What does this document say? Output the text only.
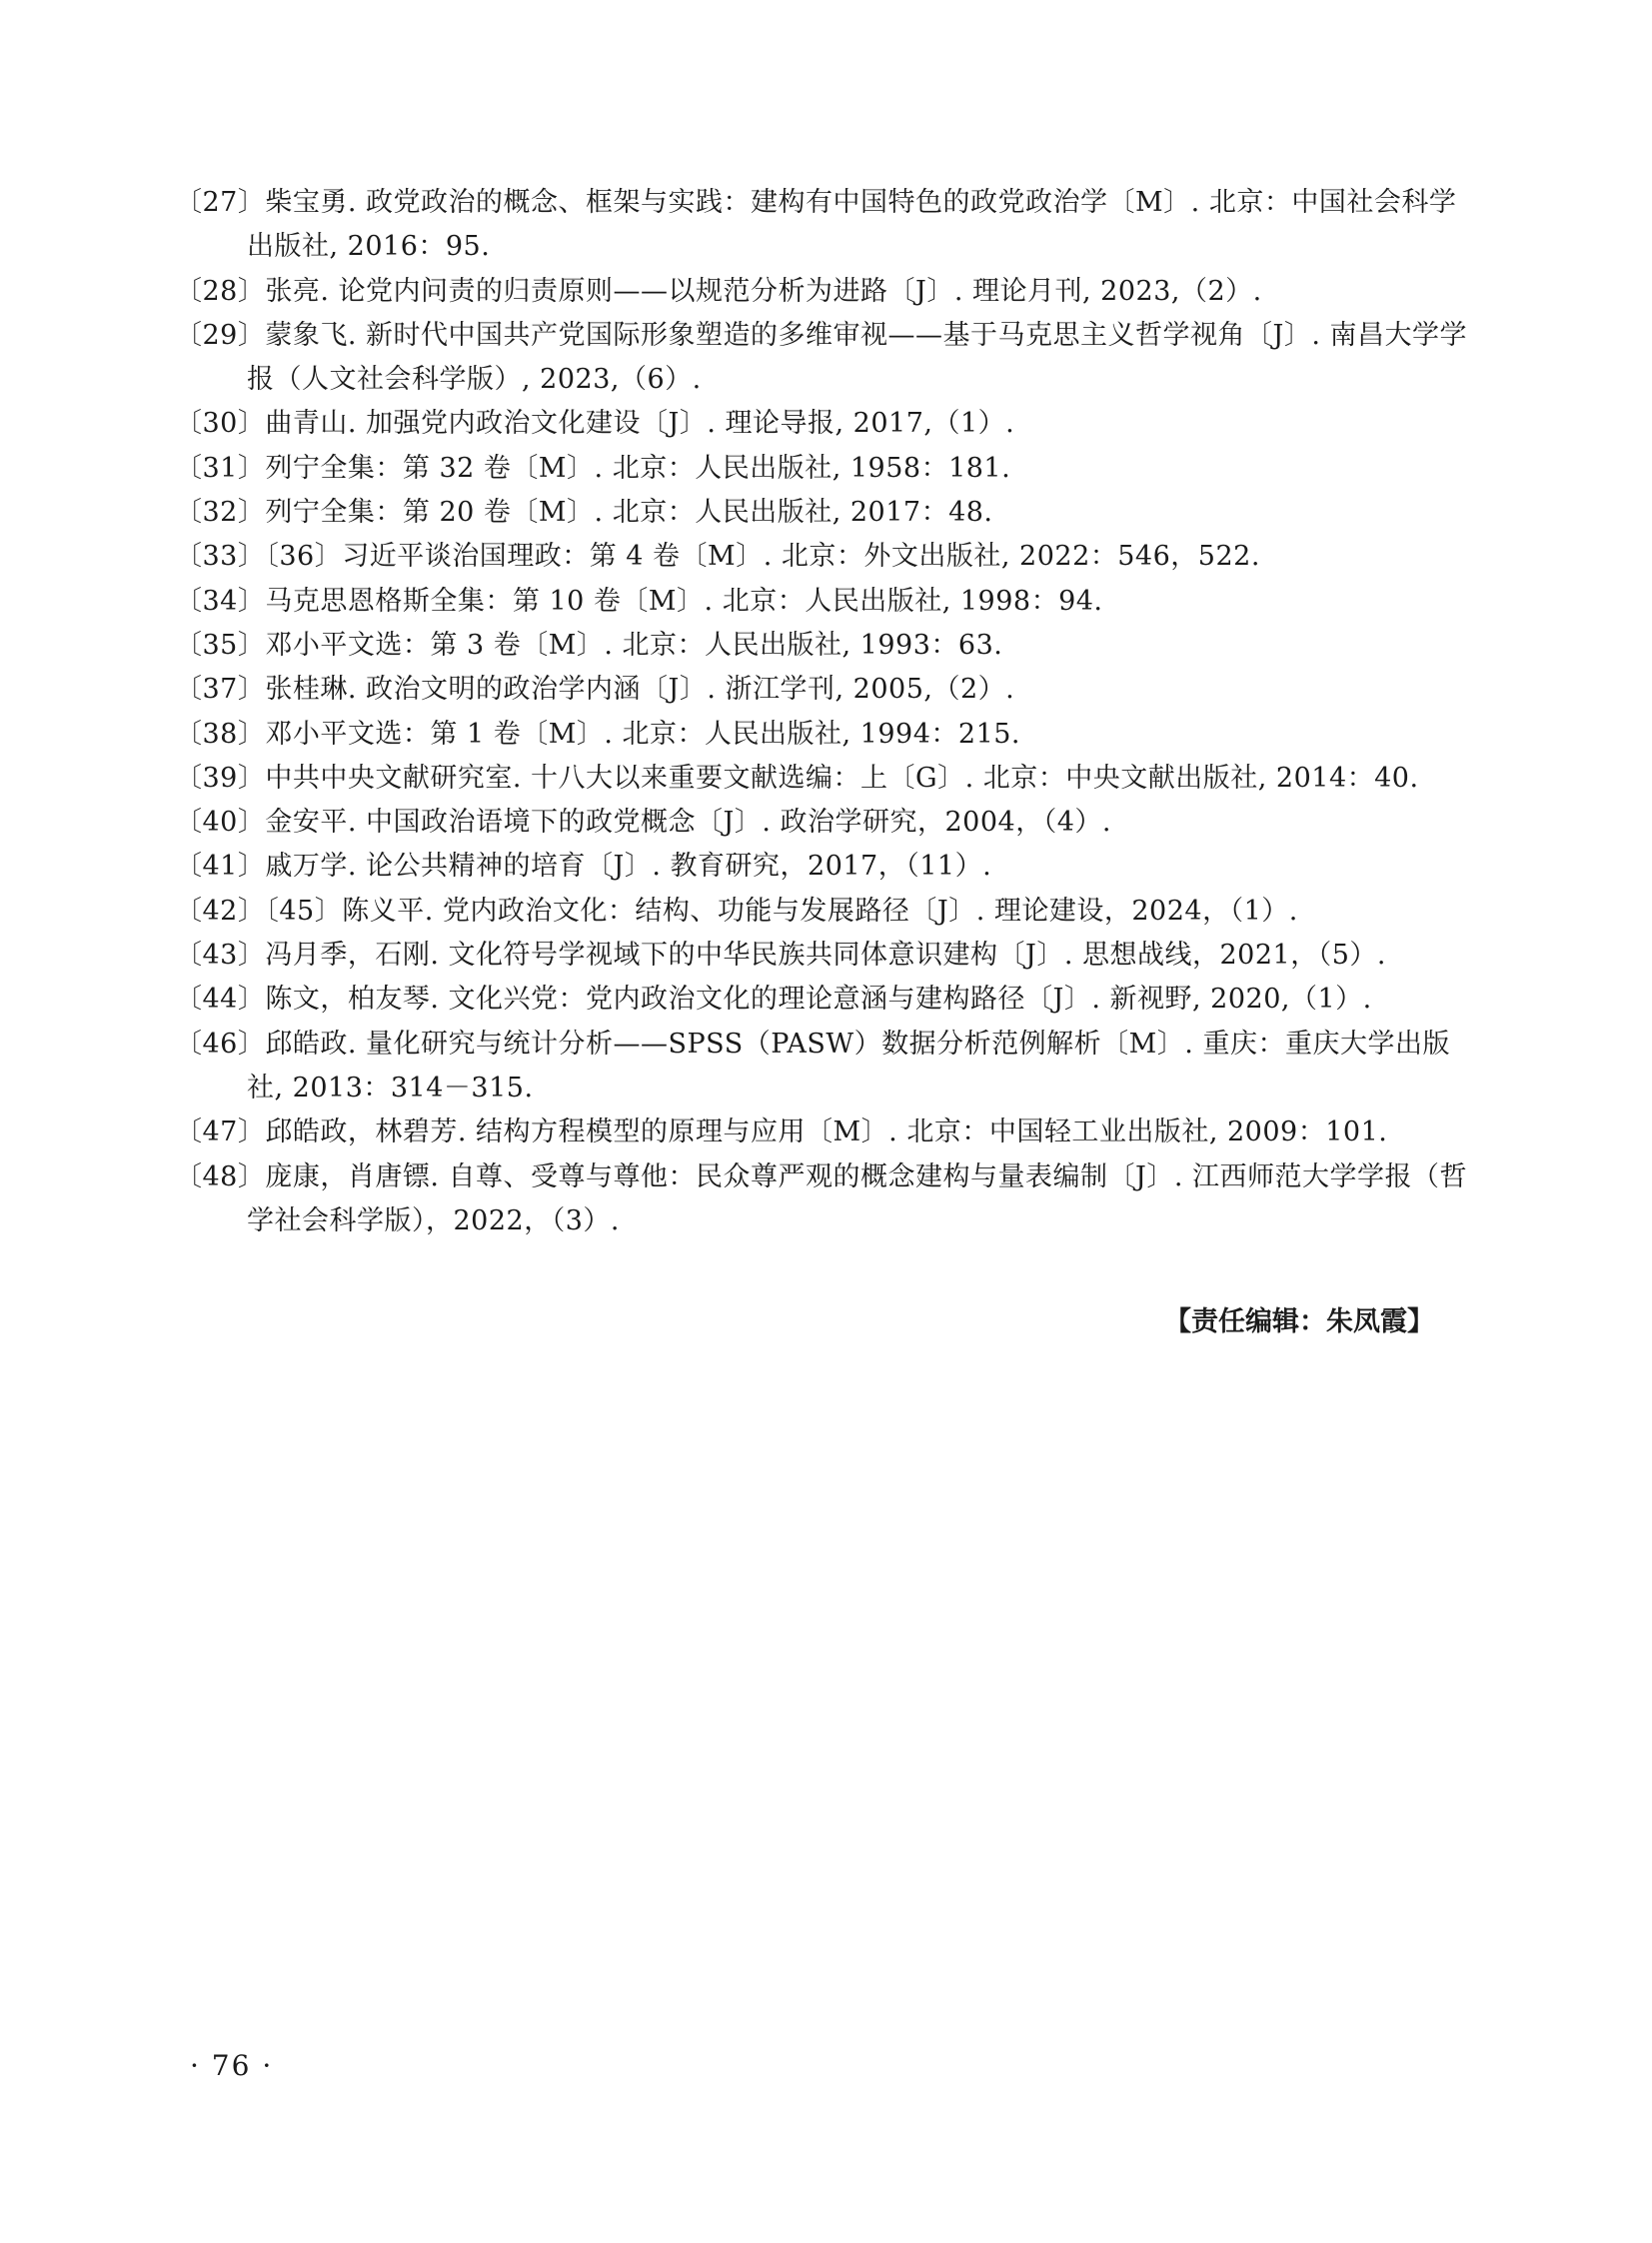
〔27〕柴宝勇. 政党政治的概念、框架与实践：建构有中国特色的政党政治学〔M〕. 北京：中国社会科学出版社, 2016：95.
〔28〕张亮. 论党内问责的归责原则——以规范分析为进路〔J〕. 理论月刊, 2023,（2）.
〔29〕蒙象飞. 新时代中国共产党国际形象塑造的多维审视——基于马克思主义哲学视角〔J〕. 南昌大学学报（人文社会科学版）, 2023,（6）.
〔30〕曲青山. 加强党内政治文化建设〔J〕. 理论导报, 2017,（1）.
〔31〕列宁全集：第 32 卷〔M〕. 北京：人民出版社, 1958：181.
〔32〕列宁全集：第 20 卷〔M〕. 北京：人民出版社, 2017：48.
〔33〕〔36〕习近平谈治国理政：第 4 卷〔M〕. 北京：外文出版社, 2022：546，522.
〔34〕马克思恩格斯全集：第 10 卷〔M〕. 北京：人民出版社, 1998：94.
〔35〕邓小平文选：第 3 卷〔M〕. 北京：人民出版社, 1993：63.
〔37〕张桂琳. 政治文明的政治学内涵〔J〕. 浙江学刊, 2005,（2）.
〔38〕邓小平文选：第 1 卷〔M〕. 北京：人民出版社, 1994：215.
〔39〕中共中央文献研究室. 十八大以来重要文献选编：上〔G〕. 北京：中央文献出版社, 2014：40.
〔40〕金安平. 中国政治语境下的政党概念〔J〕. 政治学研究，2004，（4）.
〔41〕戚万学. 论公共精神的培育〔J〕. 教育研究，2017，（11）.
〔42〕〔45〕陈义平. 党内政治文化：结构、功能与发展路径〔J〕. 理论建设，2024，（1）.
〔43〕冯月季，石刚. 文化符号学视域下的中华民族共同体意识建构〔J〕. 思想战线，2021，（5）.
〔44〕陈文，柏友琴. 文化兴党：党内政治文化的理论意涵与建构路径〔J〕. 新视野, 2020,（1）.
〔46〕邱皓政. 量化研究与统计分析——SPSS（PASW）数据分析范例解析〔M〕. 重庆：重庆大学出版社, 2013：314－315.
〔47〕邱皓政，林碧芳. 结构方程模型的原理与应用〔M〕. 北京：中国轻工业出版社, 2009：101.
〔48〕庞康，肖唐镖. 自尊、受尊与尊他：民众尊严观的概念建构与量表编制〔J〕. 江西师范大学学报（哲学社会科学版），2022，（3）.
【责任编辑：朱凤霞】
· 76 ·
